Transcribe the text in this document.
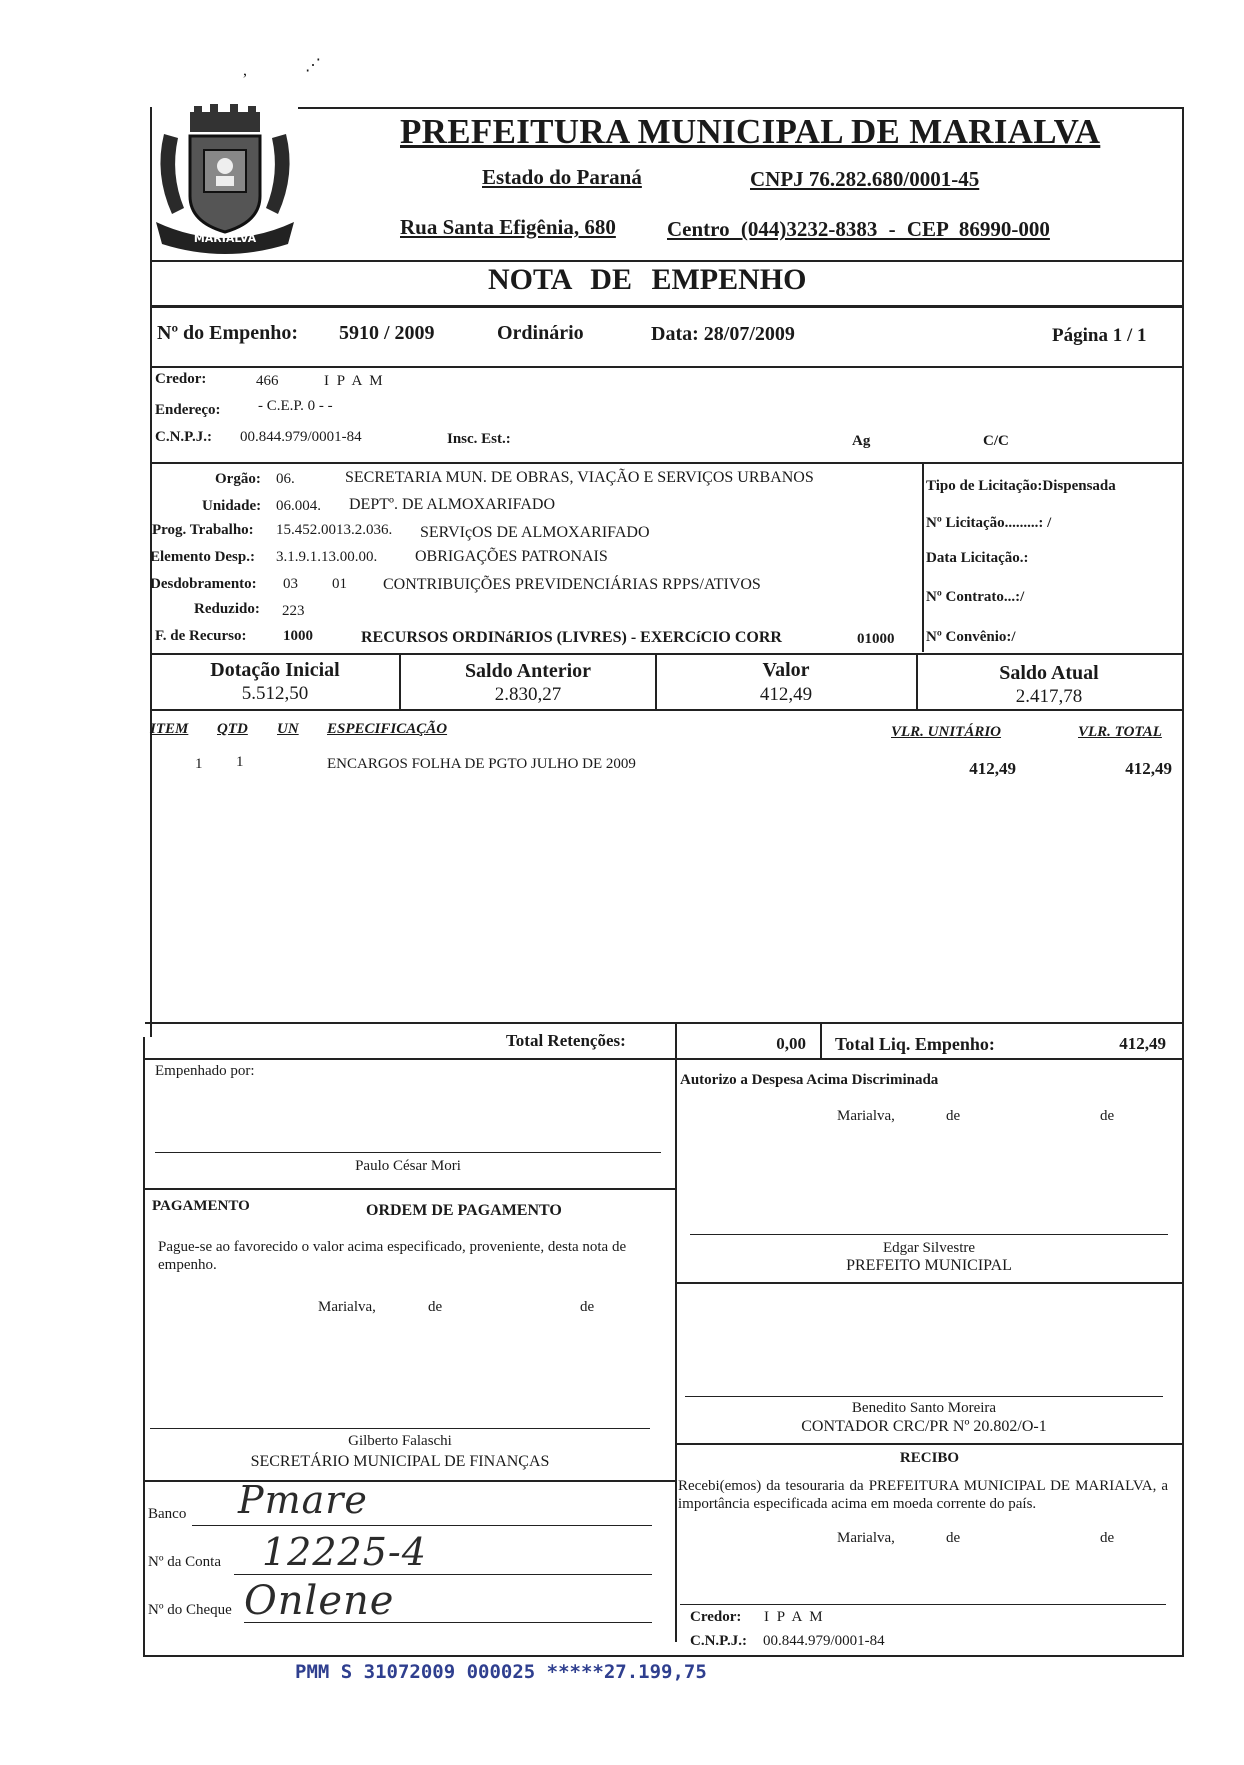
,	⋰
MARIALVA
PREFEITURA MUNICIPAL DE MARIALVA
Estado do Paraná	CNPJ 76.282.680/0001-45
Rua Santa Efigênia, 680 Centro (044)3232-8383 - CEP 86990-000
NOTA DE EMPENHO
Nº do Empenho: 5910 / 2009	Ordinário	Data: 28/07/2009	Página 1 / 1
Credor:	466	I P A M
Endereço: - C.E.P. 0 - -
C.N.P.J.: 00.844.979/0001-84	Insc. Est.:	Ag	C/C
Orgão: 06.	SECRETARIA MUN. DE OBRAS, VIAÇÃO E SERVIÇOS URBANOS
Unidade: 06.004. DEPTº. DE ALMOXARIFADO
Prog. Trabalho: 15.452.0013.2.036. SERVIçOS DE ALMOXARIFADO
Elemento Desp.: 3.1.9.1.13.00.00. OBRIGAÇÕES PATRONAIS
Desdobramento: 03 01 CONTRIBUIÇÕES PREVIDENCIÁRIAS RPPS/ATIVOS
Reduzido: 223
F. de Recurso: 1000	RECURSOS ORDINáRIOS (LIVRES) - EXERCíCIO CORR	01000
Tipo de Licitação:Dispensada
Nº Licitação.........: /
Data Licitação.:
Nº Contrato...:/
Nº Convênio:/
Dotação Inicial
5.512,50
Saldo Anterior
2.830,27
Valor
412,49
Saldo Atual
2.417,78
ITEM QTD UN ESPECIFICAÇÃO	VLR. UNITÁRIO	VLR. TOTAL
1 1	ENCARGOS FOLHA DE PGTO JULHO DE 2009	412,49	412,49
Total Retenções:	0,00 Total Liq. Empenho:	412,49
Empenhado por:
Paulo César Mori
PAGAMENTO	ORDEM DE PAGAMENTO
Pague-se ao favorecido o valor acima especificado, proveniente, desta nota de empenho.
Marialva,	de	de
Gilberto Falaschi
SECRETÁRIO MUNICIPAL DE FINANÇAS
Banco Pmare
Nº da Conta 12225-4
Nº do Cheque Onlene
Autorizo a Despesa Acima Discriminada
Marialva,	de	de
Edgar Silvestre
PREFEITO MUNICIPAL
Benedito Santo Moreira
CONTADOR CRC/PR Nº 20.802/O-1
RECIBO
Recebi(emos) da tesouraria da PREFEITURA MUNICIPAL DE MARIALVA, a importância especificada acima em moeda corrente do país.
Marialva,	de	de
Credor: I P A M
C.N.P.J.: 00.844.979/0001-84
PMM S 31072009 000025 *****27.199,75
